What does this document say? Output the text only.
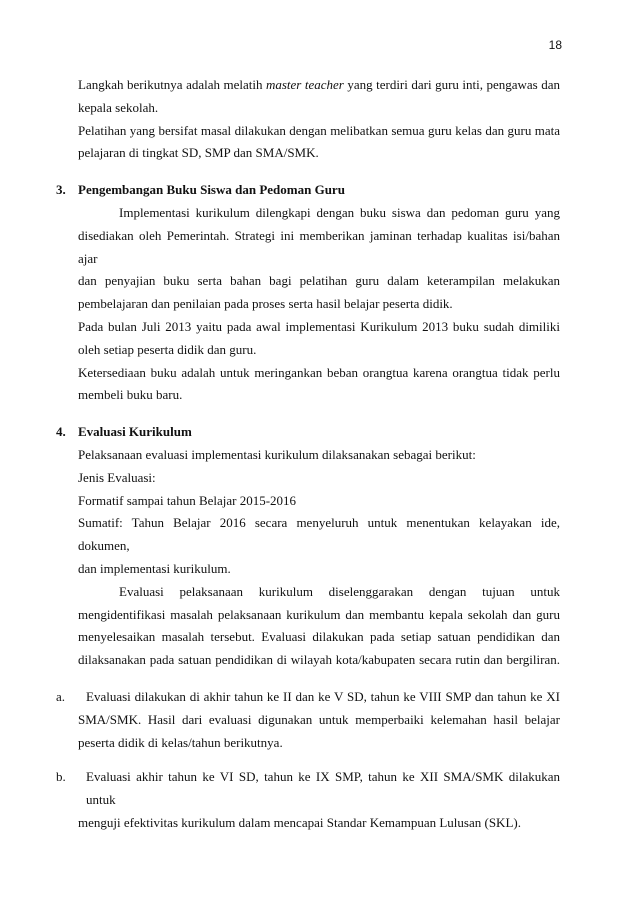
18
Langkah berikutnya adalah melatih master teacher yang terdiri dari guru inti, pengawas dan
kepala sekolah.
Pelatihan yang bersifat masal dilakukan dengan melibatkan semua guru kelas dan guru mata
pelajaran di tingkat SD, SMP dan SMA/SMK.
3. Pengembangan Buku Siswa dan Pedoman Guru
Implementasi kurikulum dilengkapi dengan buku siswa dan pedoman guru yang
disediakan oleh Pemerintah. Strategi ini memberikan jaminan terhadap kualitas isi/bahan ajar
dan penyajian buku serta bahan bagi pelatihan guru dalam keterampilan melakukan
pembelajaran dan penilaian pada proses serta hasil belajar peserta didik.
Pada bulan Juli 2013 yaitu pada awal implementasi Kurikulum 2013 buku sudah dimiliki
oleh setiap peserta didik dan guru.
Ketersediaan buku adalah untuk meringankan beban orangtua karena orangtua tidak perlu
membeli buku baru.
4. Evaluasi Kurikulum
Pelaksanaan evaluasi implementasi kurikulum dilaksanakan sebagai berikut:
Jenis Evaluasi:
Formatif sampai tahun Belajar 2015-2016
Sumatif: Tahun Belajar 2016 secara menyeluruh untuk menentukan kelayakan ide, dokumen,
dan implementasi kurikulum.
Evaluasi pelaksanaan kurikulum diselenggarakan dengan tujuan untuk
mengidentifikasi masalah pelaksanaan kurikulum dan membantu kepala sekolah dan guru
menyelesaikan masalah tersebut. Evaluasi dilakukan pada setiap satuan pendidikan dan
dilaksanakan pada satuan pendidikan di wilayah kota/kabupaten secara rutin dan bergiliran.
a.	Evaluasi dilakukan di akhir tahun ke II dan ke V SD, tahun ke VIII SMP dan tahun ke XI
SMA/SMK. Hasil dari evaluasi digunakan untuk memperbaiki kelemahan hasil belajar
peserta didik di kelas/tahun berikutnya.
b.	Evaluasi akhir tahun ke VI SD, tahun ke IX SMP, tahun ke XII SMA/SMK dilakukan untuk
menguji efektivitas kurikulum dalam mencapai Standar Kemampuan Lulusan (SKL).
